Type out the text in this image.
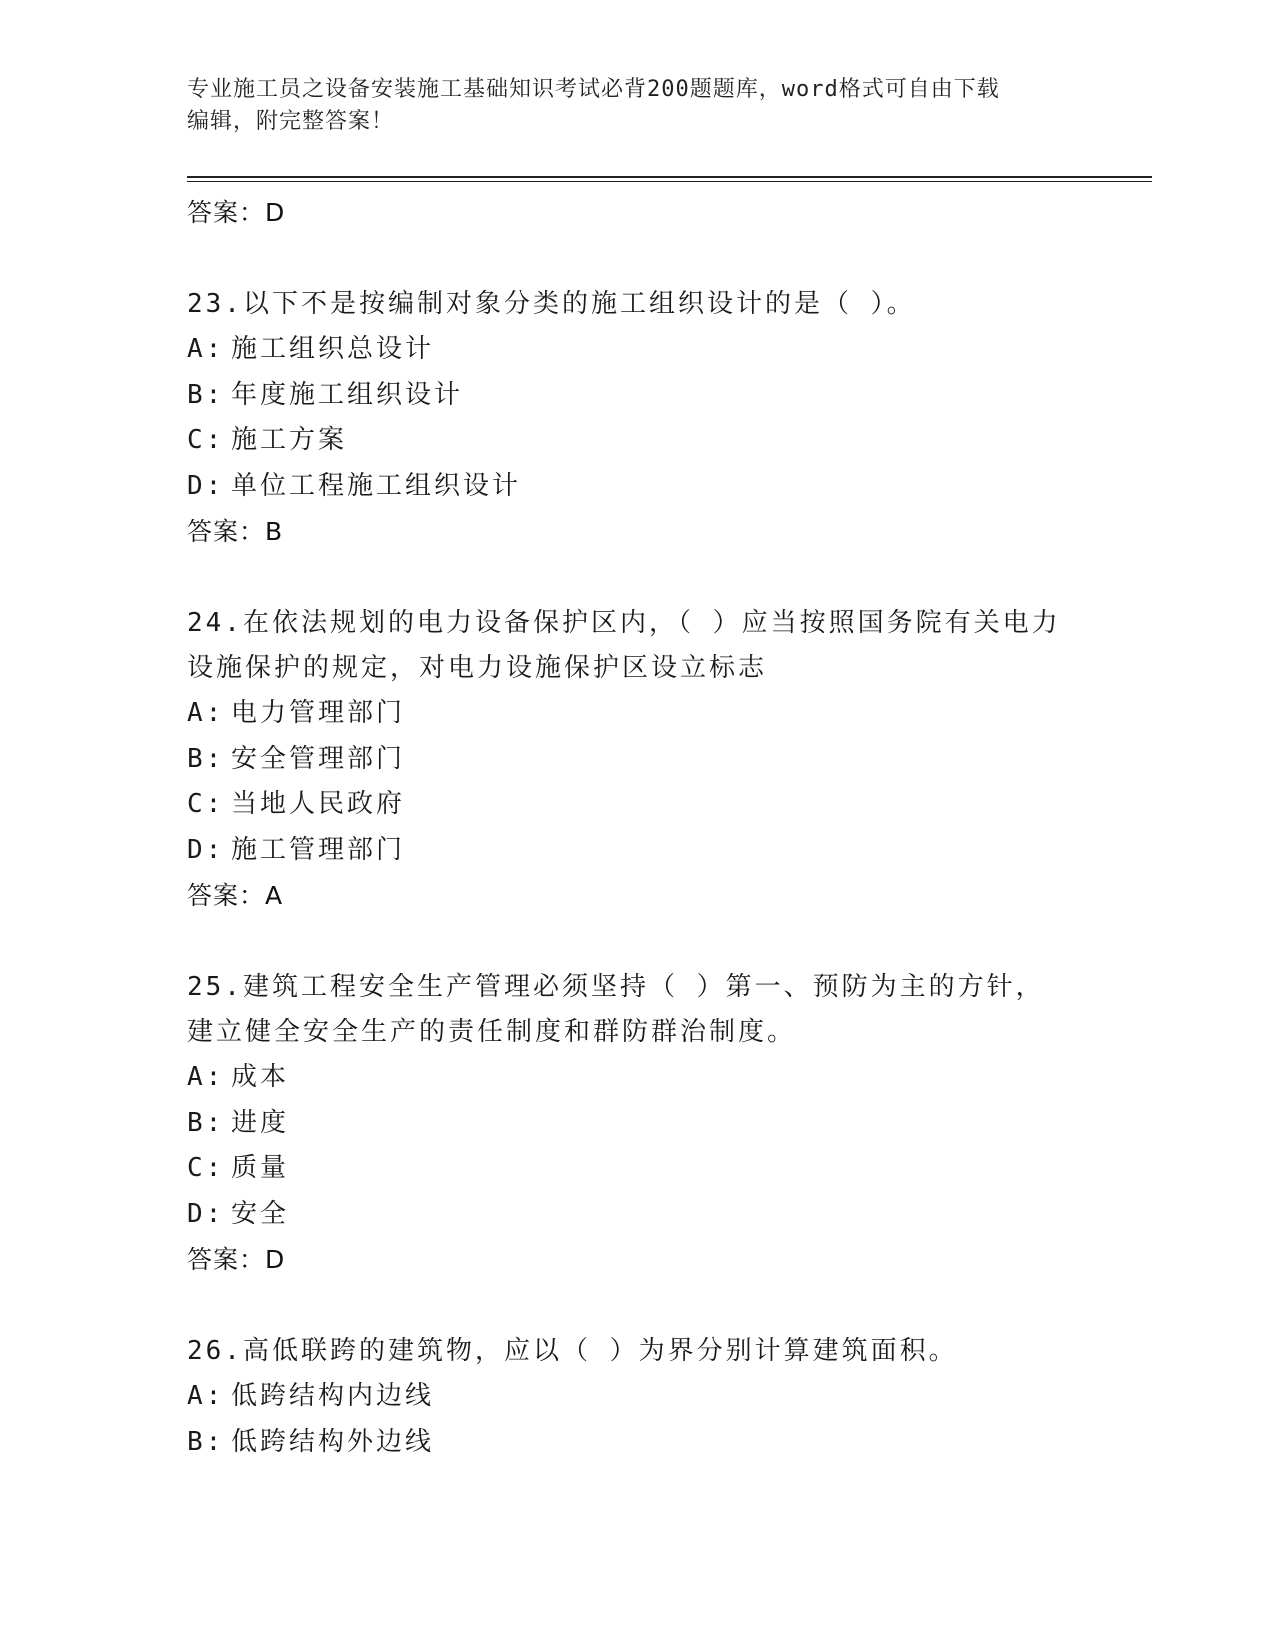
专业施工员之设备安装施工基础知识考试必背200题题库，word格式可自由下载
编辑，附完整答案！
答案：D
23.以下不是按编制对象分类的施工组织设计的是（ ）。
A: 施工组织总设计
B: 年度施工组织设计
C: 施工方案
D: 单位工程施工组织设计
答案：B
24.在依法规划的电力设备保护区内，（ ）应当按照国务院有关电力设施保护的规定，对电力设施保护区设立标志
A: 电力管理部门
B: 安全管理部门
C: 当地人民政府
D: 施工管理部门
答案：A
25.建筑工程安全生产管理必须坚持（ ）第一、预防为主的方针，建立健全安全生产的责任制度和群防群治制度。
A: 成本
B: 进度
C: 质量
D: 安全
答案：D
26.高低联跨的建筑物，应以（ ）为界分别计算建筑面积。
A: 低跨结构内边线
B: 低跨结构外边线
